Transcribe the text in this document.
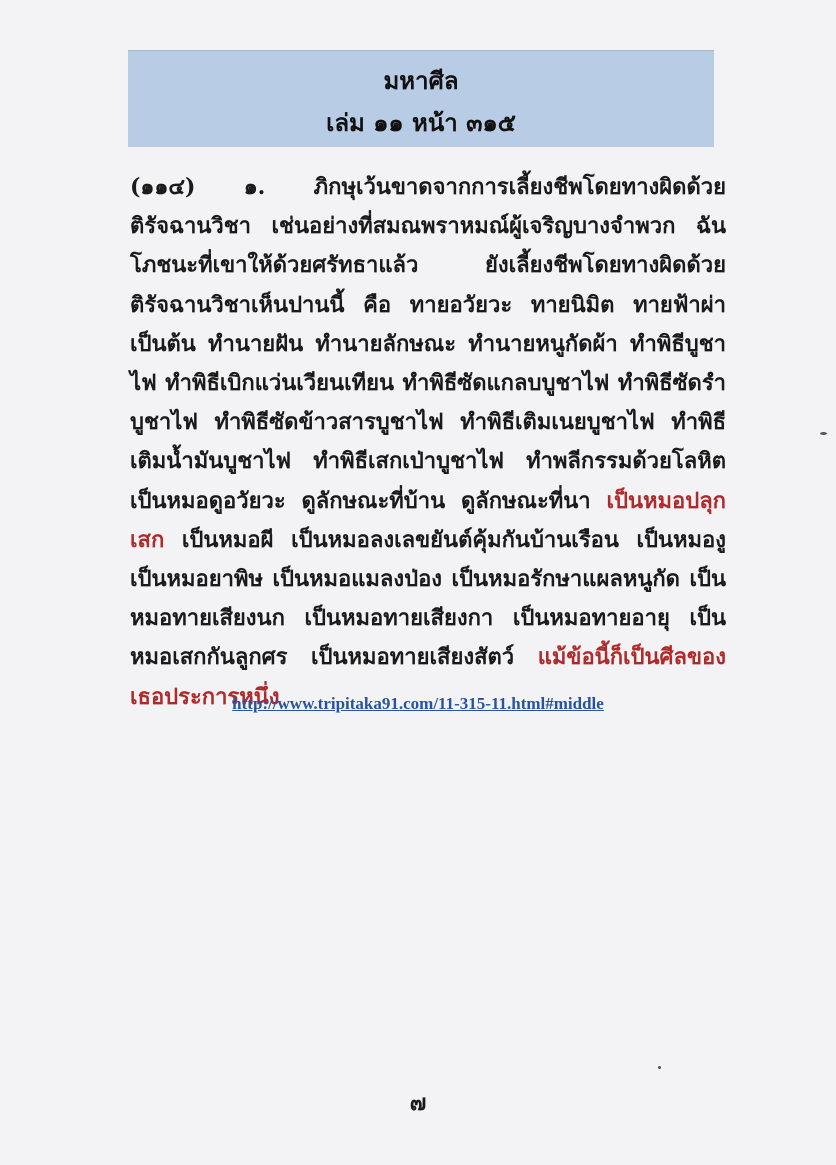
มหาศีล
เล่ม ๑๑ หน้า ๓๑๕

(๑๑๔) ๑. ภิกษุเว้นขาดจากการเลี้ยงชีพโดยทางผิดด้วยติรัจฉานวิชา เช่นอย่างที่สมณพราหมณ์ผู้เจริญบางจำพวก ฉันโภชนะที่เขาให้ด้วยศรัทธาแล้ว ยังเลี้ยงชีพโดยทางผิดด้วยติรัจฉานวิชาเห็นปานนี้ คือ ทายอวัยวะ ทายนิมิต ทายฟ้าผ่าเป็นต้น ทำนายฝัน ทำนายลักษณะ ทำนายหนูกัดผ้า ทำพิธีบูชาไฟ ทำพิธีเบิกแว่นเวียนเทียน ทำพิธีซัดแกลบบูชาไฟ ทำพิธีซัดรำบูชาไฟ ทำพิธีซัดข้าวสารบูชาไฟ ทำพิธีเติมเนยบูชาไฟ ทำพิธีเติมน้ำมันบูชาไฟ ทำพิธีเสกเป่าบูชาไฟ ทำพลีกรรมด้วยโลหิต เป็นหมอดูอวัยวะ ดูลักษณะที่บ้าน ดูลักษณะที่นา เป็นหมอปลุกเสก เป็นหมอผี เป็นหมอลงเลขยันต์คุ้มกันบ้านเรือน เป็นหมองู เป็นหมอยาพิษ เป็นหมอแมลงป่อง เป็นหมอรักษาแผลหนูกัด เป็นหมอทายเสียงนก เป็นหมอทายเสียงกา เป็นหมอทายอายุ เป็นหมอเสกกันลูกศร เป็นหมอทายเสียงสัตว์ แม้ข้อนี้ก็เป็นศีลของเธอประการหนึ่ง

http://www.tripitaka91.com/11-315-11.html#middle
๗
